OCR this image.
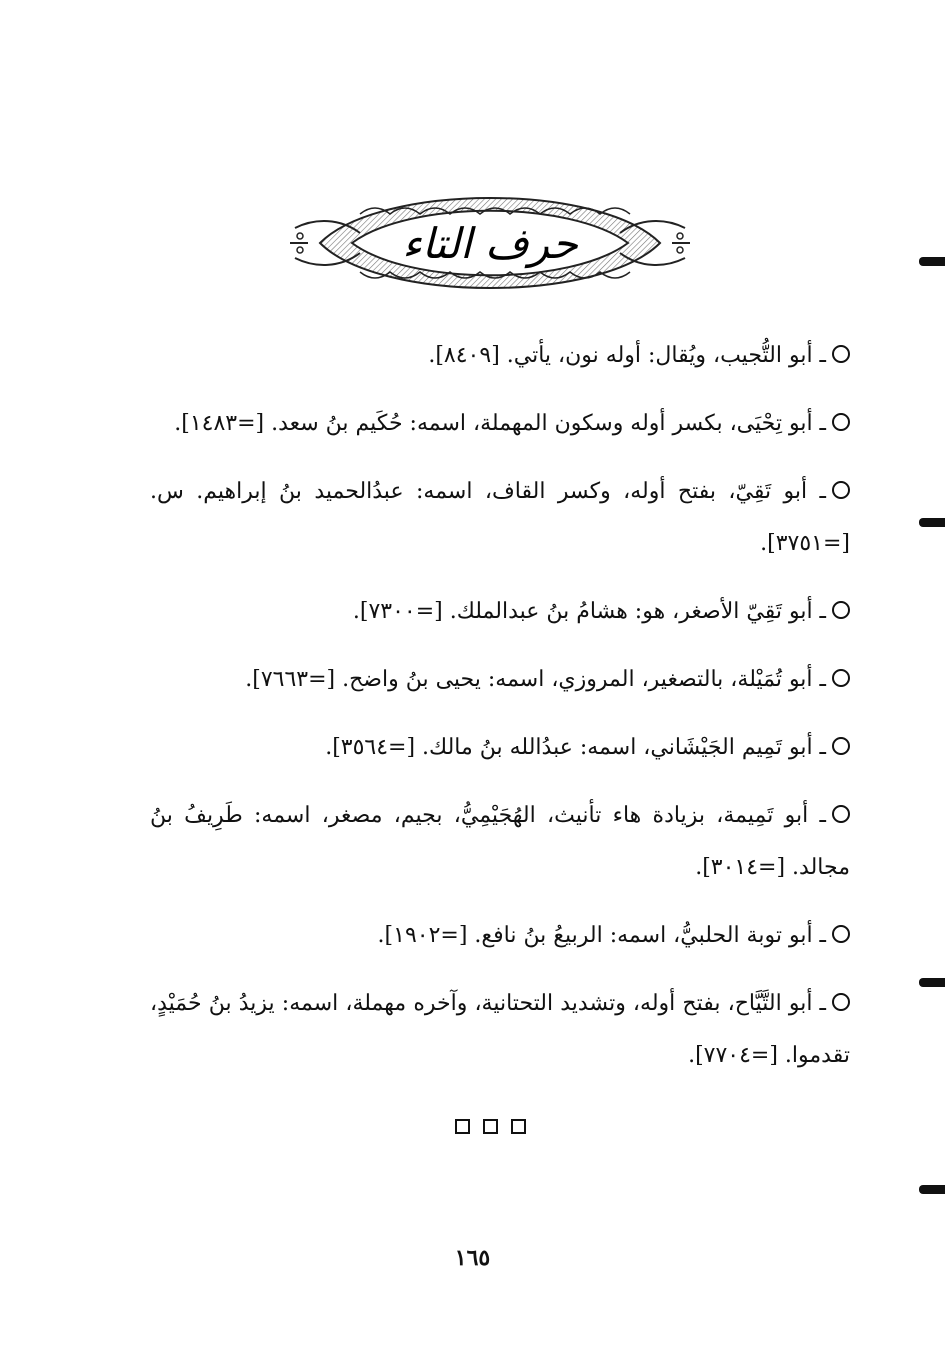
حرف التاء

ـ أبو التُّجيب، ويُقال: أوله نون، يأتي. [٨٤٠٩].

ـ أبو تِحْيَى، بكسر أوله وسكون المهملة، اسمه: حُكَيم بنُ سعد. [=١٤٨٣].

ـ أبو تَقِيّ، بفتح أوله، وكسر القاف، اسمه: عبدُالحميد بنُ إبراهيم. س. [=٣٧٥١].

ـ أبو تَقِيّ الأصغر، هو: هشامُ بنُ عبدالملك. [=٧٣٠٠].

ـ أبو تُمَيْلة، بالتصغير، المروزي، اسمه: يحيى بنُ واضح. [=٧٦٦٣].

ـ أبو تَمِيم الجَيْشَاني، اسمه: عبدُالله بنُ مالك. [=٣٥٦٤].

ـ أبو تَمِيمة، بزيادة هاء تأنيث، الهُجَيْمِيُّ، بجيم، مصغر، اسمه: طَرِيفُ بنُ مجالد. [=٣٠١٤].

ـ أبو توبة الحلبيُّ، اسمه: الربيعُ بنُ نافع. [=١٩٠٢].

ـ أبو التَّيَّاح، بفتح أوله، وتشديد التحتانية، وآخره مهملة، اسمه: يزيدُ بنُ حُمَيْدٍ، تقدموا. [=٧٧٠٤].

١٦٥
